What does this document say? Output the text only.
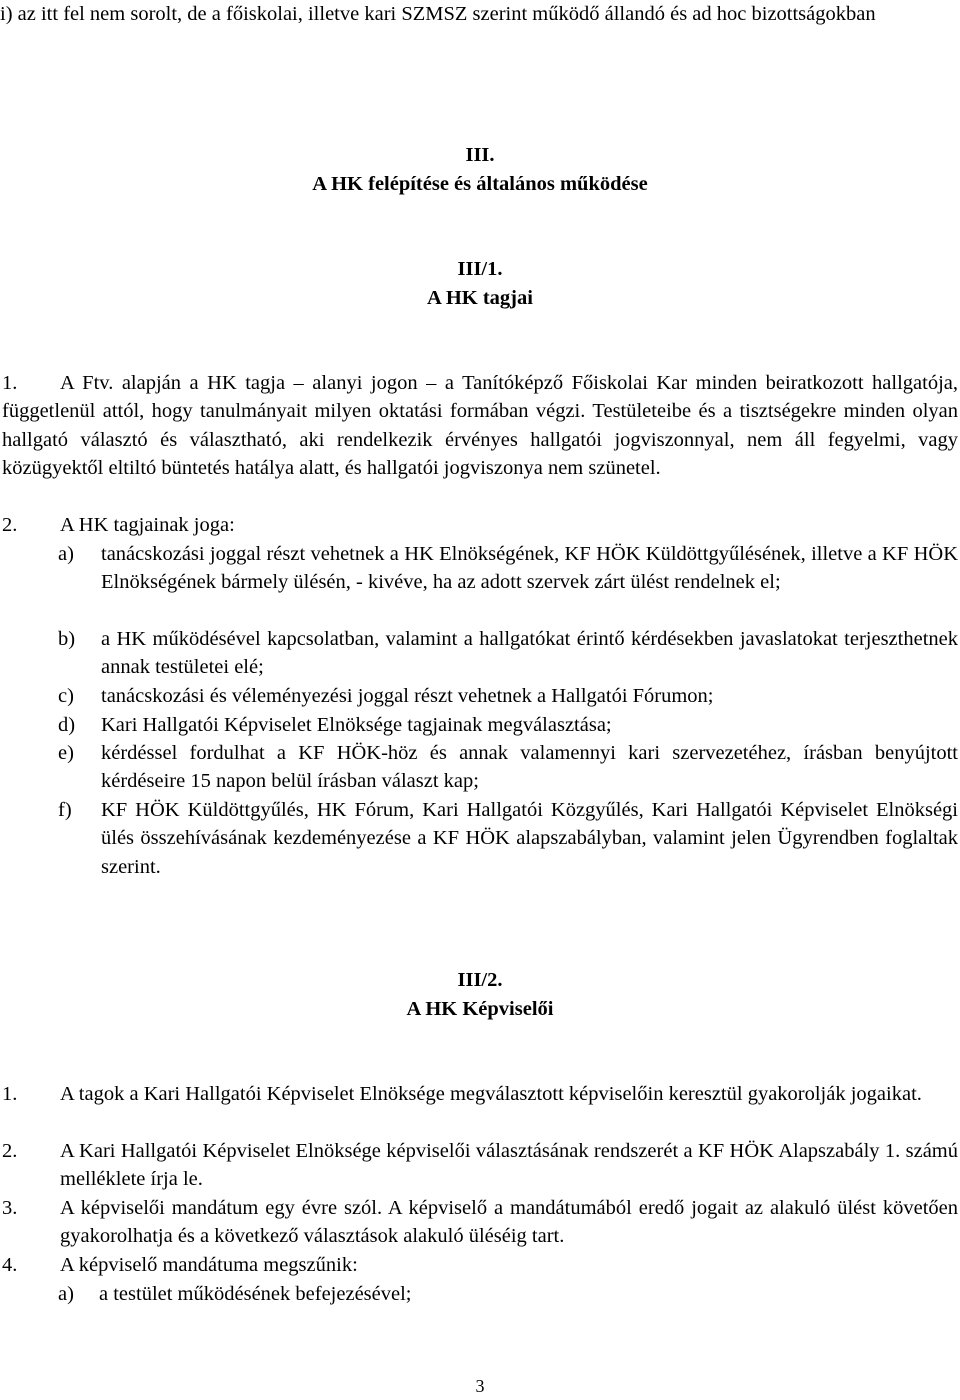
i) az itt fel nem sorolt, de a főiskolai, illetve kari SZMSZ szerint működő állandó és ad hoc bizottságokban
III.
A HK felépítése és általános működése
III/1.
A HK tagjai
1.	A Ftv. alapján a HK tagja – alanyi jogon – a Tanítóképző Főiskolai Kar minden beiratkozott hallgatója, függetlenül attól, hogy tanulmányait milyen oktatási formában végzi. Testületeibe és a tisztségekre minden olyan hallgató választó és választható, aki rendelkezik érvényes hallgatói jogviszonnyal, nem áll fegyelmi, vagy közügyektől eltiltó büntetés hatálya alatt, és hallgatói jogviszonya nem szünetel.
2. A HK tagjainak joga:
a) tanácskozási joggal részt vehetnek a HK Elnökségének, KF HÖK Küldöttgyűlésének, illetve a KF HÖK Elnökségének bármely ülésén, - kivéve, ha az adott szervek zárt ülést rendelnek el;
b) a HK működésével kapcsolatban, valamint a hallgatókat érintő kérdésekben javaslatokat terjeszthetnek annak testületei elé;
c) tanácskozási és véleményezési joggal részt vehetnek a Hallgatói Fórumon;
d) Kari Hallgatói Képviselet Elnöksége tagjainak megválasztása;
e) kérdéssel fordulhat a KF HÖK-höz és annak valamennyi kari szervezetéhez, írásban benyújtott kérdéseire 15 napon belül írásban választ kap;
f) KF HÖK Küldöttgyűlés, HK Fórum, Kari Hallgatói Közgyűlés, Kari Hallgatói Képviselet Elnökségi ülés összehívásának kezdeményezése a KF HÖK alapszabályban, valamint jelen Ügyrendben foglaltak szerint.
III/2.
A HK Képviselői
1. A tagok a Kari Hallgatói Képviselet Elnöksége megválasztott képviselőin keresztül gyakorolják jogaikat.
2. A Kari Hallgatói Képviselet Elnöksége képviselői választásának rendszerét a KF HÖK Alapszabály 1. számú melléklete írja le.
3. A képviselői mandátum egy évre szól. A képviselő a mandátumából eredő jogait az alakuló ülést követően gyakorolhatja és a következő választások alakuló üléséig tart.
4. A képviselő mandátuma megszűnik:
a) a testület működésének befejezésével;
3
